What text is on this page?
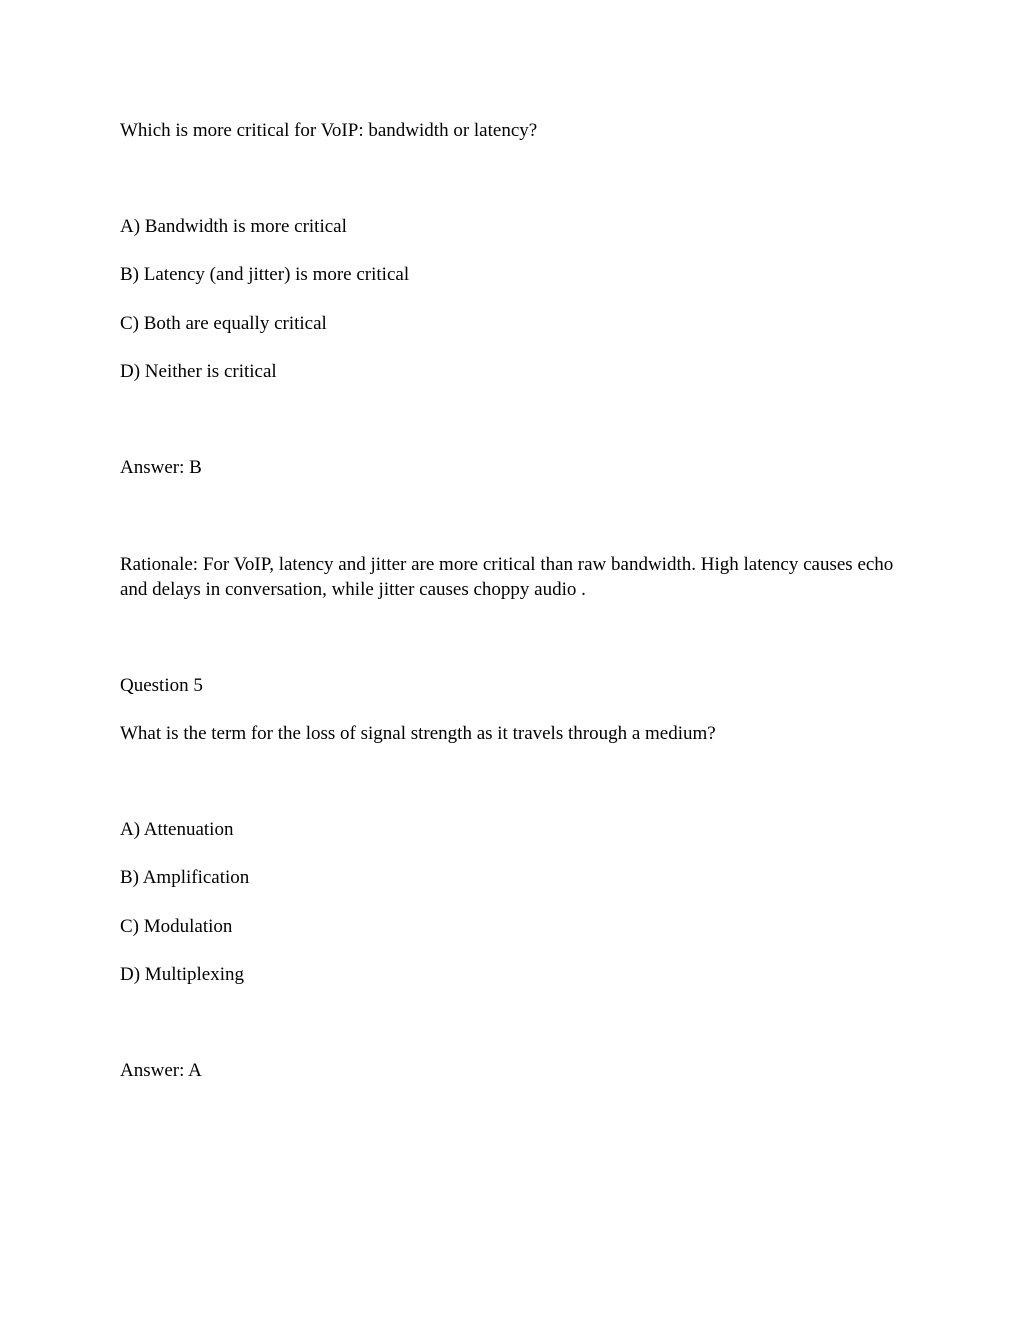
Which is more critical for VoIP: bandwidth or latency?

A) Bandwidth is more critical

B) Latency (and jitter) is more critical

C) Both are equally critical

D) Neither is critical

Answer: B

Rationale: For VoIP, latency and jitter are more critical than raw bandwidth. High latency causes echo and delays in conversation, while jitter causes choppy audio .

Question 5

What is the term for the loss of signal strength as it travels through a medium?

A) Attenuation

B) Amplification

C) Modulation

D) Multiplexing

Answer: A
